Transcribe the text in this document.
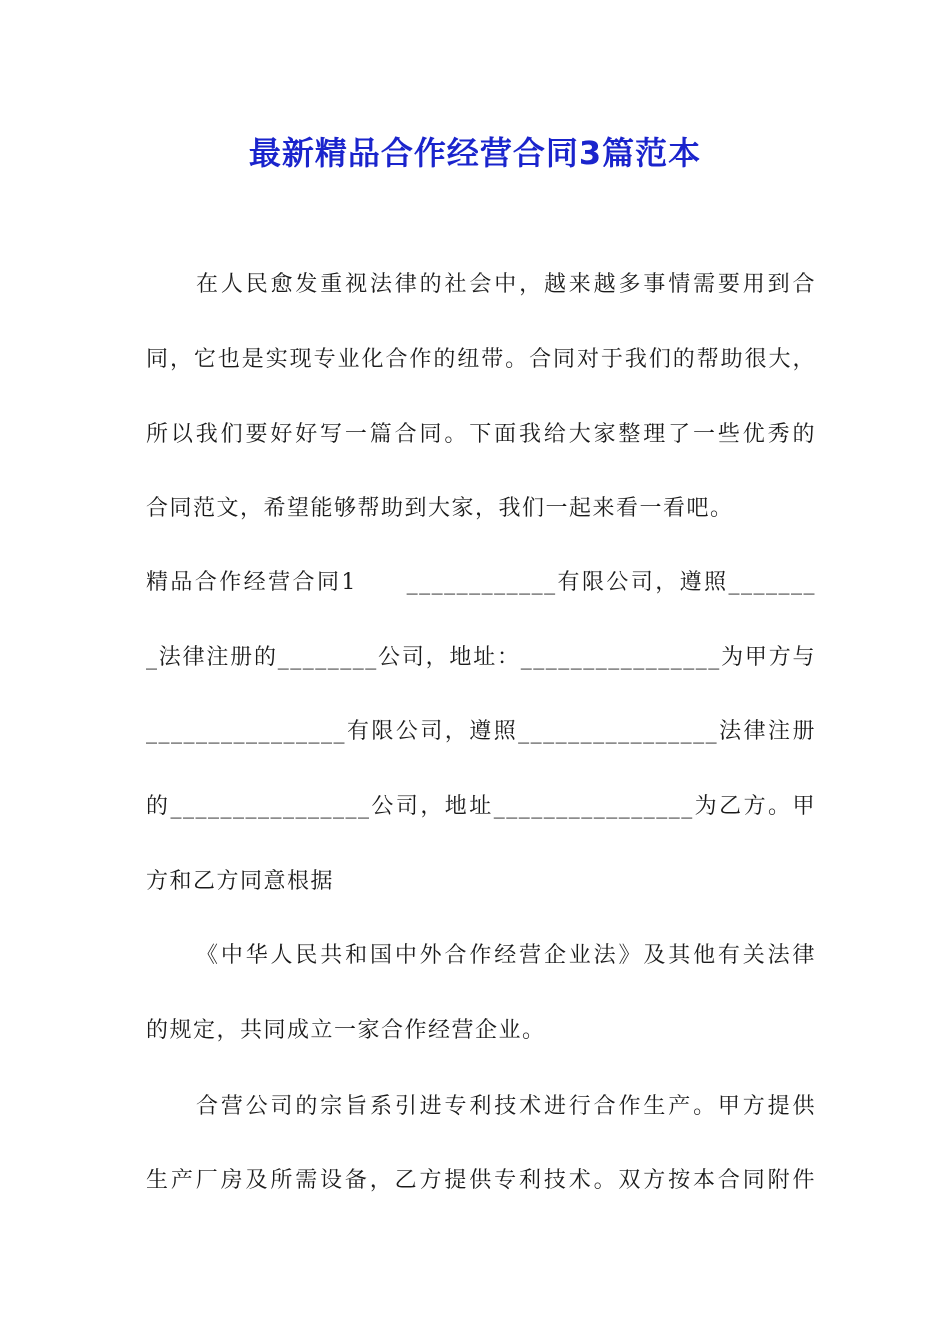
最新精品合作经营合同3篇范本
在人民愈发重视法律的社会中，越来越多事情需要用到合
同，它也是实现专业化合作的纽带。合同对于我们的帮助很大，
所以我们要好好写一篇合同。下面我给大家整理了一些优秀的
合同范文，希望能够帮助到大家，我们一起来看一看吧。
精品合作经营合同1　　____________有限公司，遵照_______
_法律注册的________公司，地址：________________为甲方与
________________有限公司，遵照________________法律注册
的________________公司，地址________________为乙方。甲
方和乙方同意根据
《中华人民共和国中外合作经营企业法》及其他有关法律
的规定，共同成立一家合作经营企业。
合营公司的宗旨系引进专利技术进行合作生产。甲方提供
生产厂房及所需设备，乙方提供专利技术。双方按本合同附件
